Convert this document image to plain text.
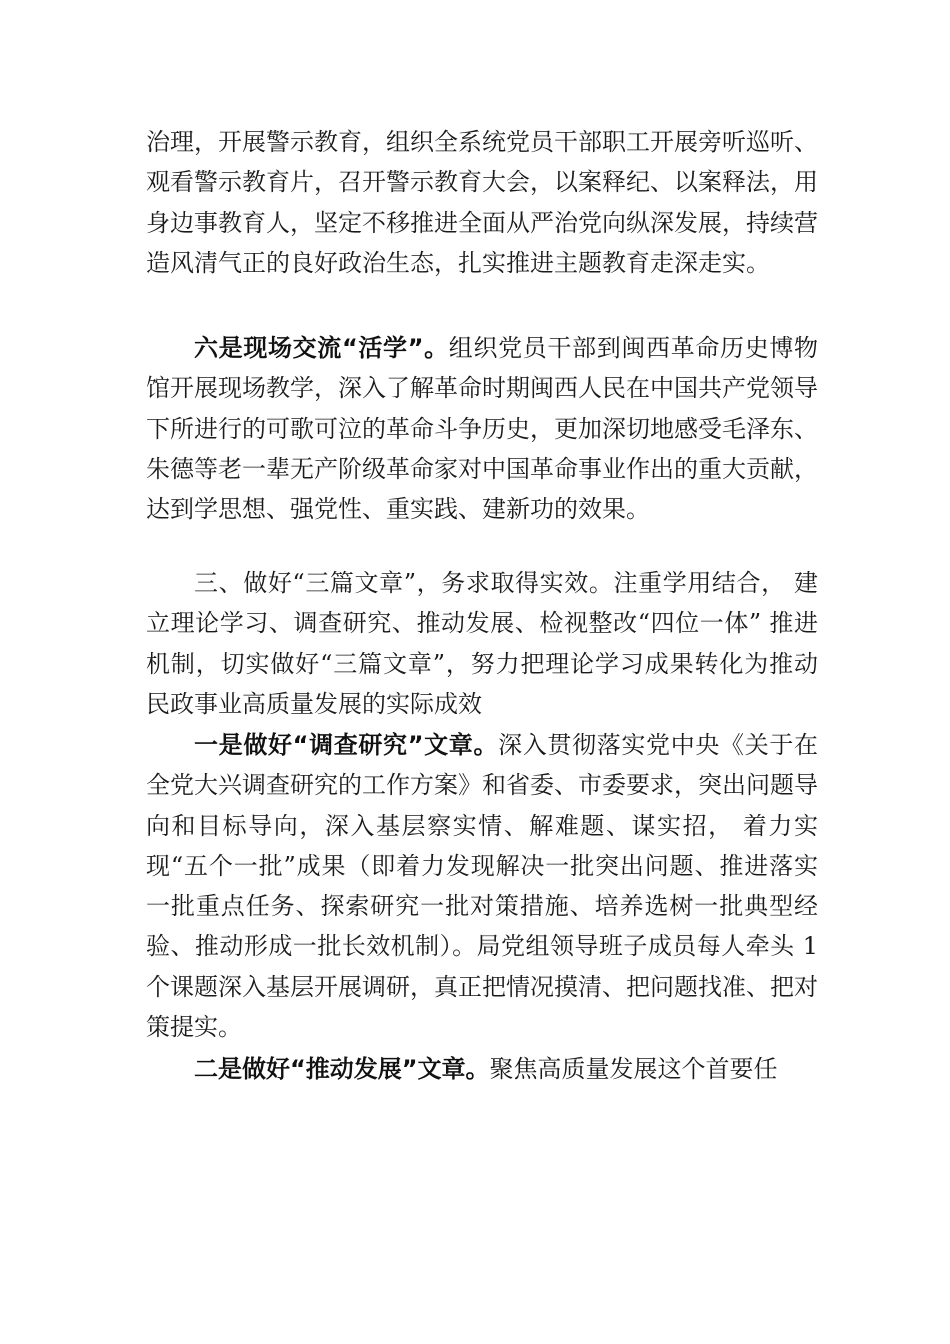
治理，开展警示教育，组织全系统党员干部职工开展旁听巡听、观看警示教育片，召开警示教育大会，以案释纪、以案释法，用身边事教育人，坚定不移推进全面从严治党向纵深发展，持续营造风清气正的良好政治生态，扎实推进主题教育走深走实。

六是现场交流“活学”。组织党员干部到闽西革命历史博物馆开展现场教学，深入了解革命时期闽西人民在中国共产党领导下所进行的可歌可泣的革命斗争历史，更加深切地感受毛泽东、朱德等老一辈无产阶级革命家对中国革命事业作出的重大贡献，达到学思想、强党性、重实践、建新功的效果。

三、做好“三篇文章”，务求取得实效。注重学用结合， 建立理论学习、调查研究、推动发展、检视整改“四位一体” 推进机制，切实做好“三篇文章”，努力把理论学习成果转化为推动民政事业高质量发展的实际成效

一是做好“调查研究”文章。深入贯彻落实党中央《关于在全党大兴调查研究的工作方案》和省委、市委要求，突出问题导向和目标导向，深入基层察实情、解难题、谋实招， 着力实现“五个一批”成果（即着力发现解决一批突出问题、推进落实一批重点任务、探索研究一批对策措施、培养选树一批典型经验、推动形成一批长效机制）。局党组领导班子成员每人牵头 1 个课题深入基层开展调研，真正把情况摸清、把问题找准、把对策提实。

二是做好“推动发展”文章。聚焦高质量发展这个首要任
